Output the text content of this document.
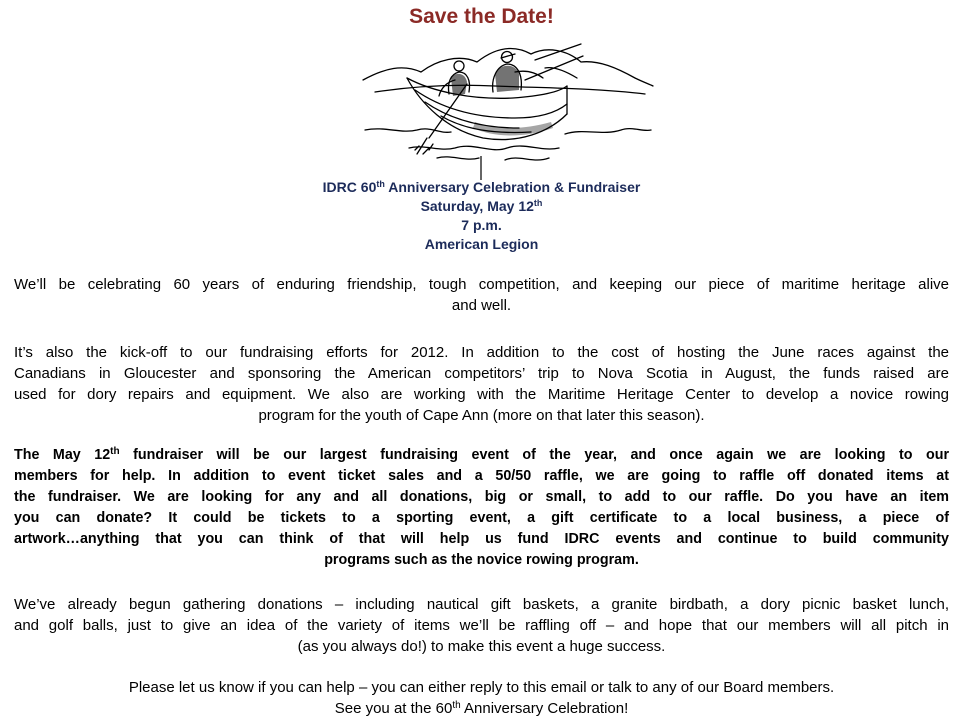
Save the Date!
IDRC 60th Anniversary Celebration & Fundraiser
Saturday, May 12th
7 p.m.
American Legion
We’ll be celebrating 60 years of enduring friendship, tough competition, and keeping our piece of maritime heritage alive
and well.
It’s also the kick-off to our fundraising efforts for 2012. In addition to the cost of hosting the June races against the
Canadians in Gloucester and sponsoring the American competitors’ trip to Nova Scotia in August, the funds raised are
used for dory repairs and equipment. We also are working with the Maritime Heritage Center to develop a novice rowing
program for the youth of Cape Ann (more on that later this season).
The May 12th fundraiser will be our largest fundraising event of the year, and once again we are looking to our
members for help. In addition to event ticket sales and a 50/50 raffle, we are going to raffle off donated items at
the fundraiser. We are looking for any and all donations, big or small, to add to our raffle. Do you have an item
you can donate? It could be tickets to a sporting event, a gift certificate to a local business, a piece of
artwork…anything that you can think of that will help us fund IDRC events and continue to build community
programs such as the novice rowing program.
We’ve already begun gathering donations – including nautical gift baskets, a granite birdbath, a dory picnic basket lunch,
and golf balls, just to give an idea of the variety of items we’ll be raffling off – and hope that our members will all pitch in
(as you always do!) to make this event a huge success.
Please let us know if you can help – you can either reply to this email or talk to any of our Board members.
See you at the 60th Anniversary Celebration!
